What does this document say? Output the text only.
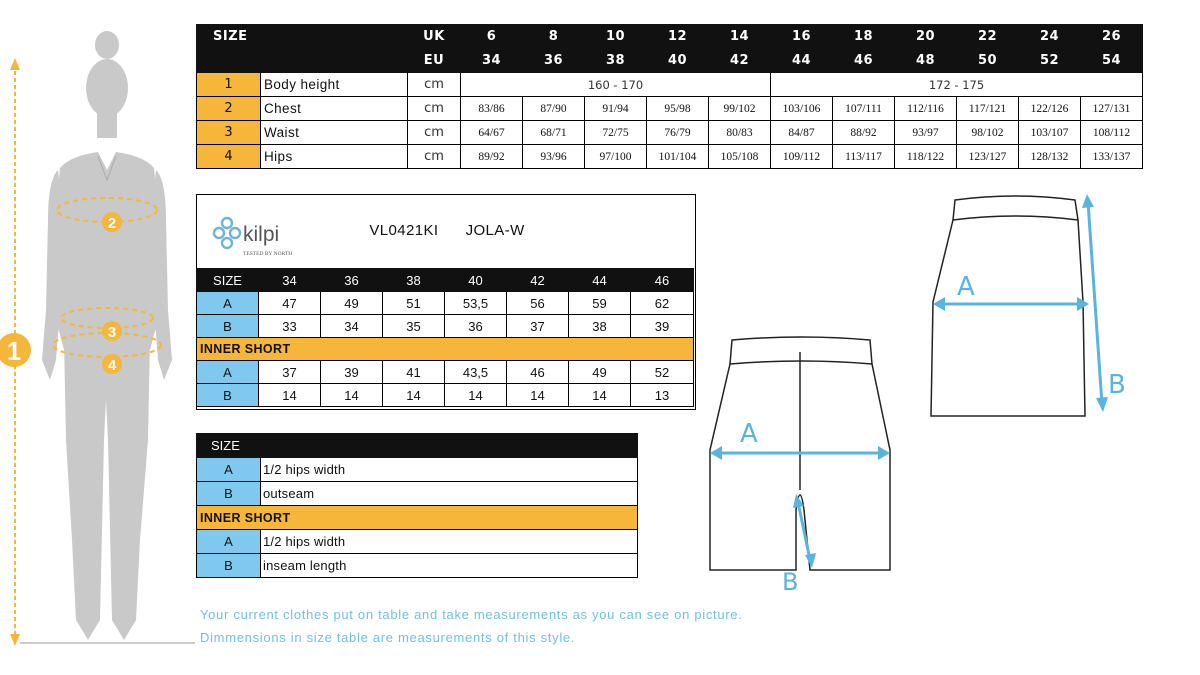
1
2
3
4
SIZE		UK	6	8	10	12	14	16	18	20	22	24	26
		EU	34	36	38	40	42	44	46	48	50	52	54
1	Body height	cm	160 - 170					172 - 175					
2	Chest	cm	83/86	87/90	91/94	95/98	99/102	103/106	107/111	112/116	117/121	122/126	127/131
3	Waist	cm	64/67	68/71	72/75	76/79	80/83	84/87	88/92	93/97	98/102	103/107	108/112
4	Hips	cm	89/92	93/96	97/100	101/104	105/108	109/112	113/117	118/122	123/127	128/132	133/137
kilpi
TESTED BY NORTH
VL0421KI JOLA-W
SIZE	34	36	38	40	42	44	46
A	47	49	51	53,5	56	59	62
B	33	34	35	36	37	38	39
INNER SHORT							
A	37	39	41	43,5	46	49	52
B	14	14	14	14	14	14	13
SIZE	
A	1/2 hips width
B	outseam
INNER SHORT	
A	1/2 hips width
B	inseam length
A
B
A
B
Your current clothes put on table and take measurements as you can see on picture.
Dimmensions in size table are measurements of this style.
